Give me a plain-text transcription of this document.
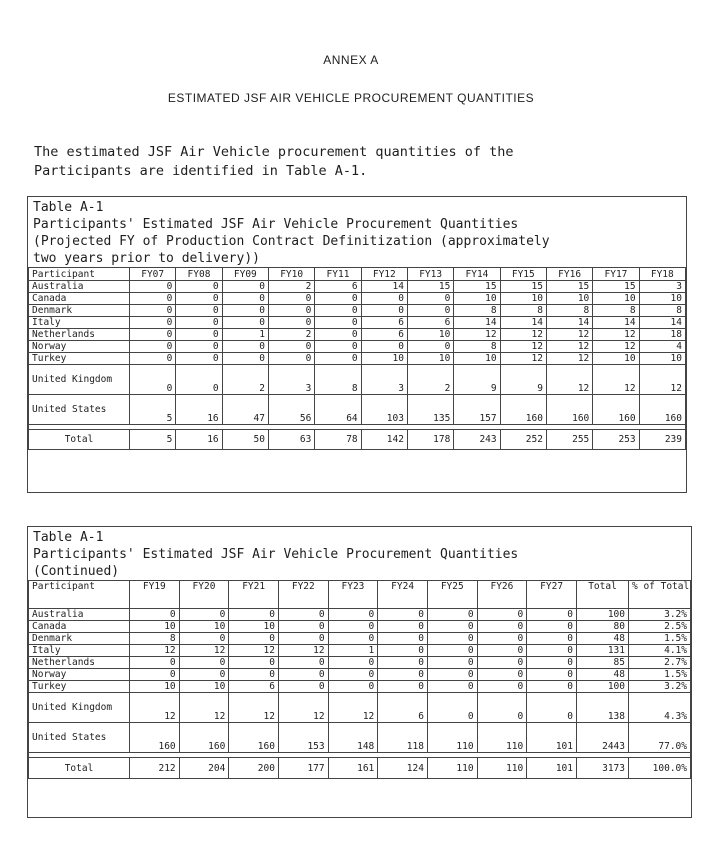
ANNEX A
ESTIMATED JSF AIR VEHICLE PROCUREMENT QUANTITIES
The estimated JSF Air Vehicle procurement quantities of the
Participants are identified in Table A-1.
Table A-1
Participants' Estimated JSF Air Vehicle Procurement Quantities
(Projected FY of Production Contract Definitization (approximately
two years prior to delivery))
Participant	FY07	FY08	FY09	FY10	FY11	FY12	FY13	FY14	FY15	FY16	FY17	FY18
Australia	0	0	0	2	6	14	15	15	15	15	15	3
Canada	0	0	0	0	0	0	0	10	10	10	10	10
Denmark	0	0	0	0	0	0	0	8	8	8	8	8
Italy	0	0	0	0	0	6	6	14	14	14	14	14
Netherlands	0	0	1	2	0	6	10	12	12	12	12	18
Norway	0	0	0	0	0	0	0	8	12	12	12	4
Turkey	0	0	0	0	0	10	10	10	12	12	10	10
United Kingdom	0	0	2	3	8	3	2	9	9	12	12	12
United States	5	16	47	56	64	103	135	157	160	160	160	160

Total	5	16	50	63	78	142	178	243	252	255	253	239
Table A-1
Participants' Estimated JSF Air Vehicle Procurement Quantities
(Continued)
Participant	FY19	FY20	FY21	FY22	FY23	FY24	FY25	FY26	FY27	Total	% of Total
Australia	0	0	0	0	0	0	0	0	0	100	3.2%
Canada	10	10	10	0	0	0	0	0	0	80	2.5%
Denmark	8	0	0	0	0	0	0	0	0	48	1.5%
Italy	12	12	12	12	1	0	0	0	0	131	4.1%
Netherlands	0	0	0	0	0	0	0	0	0	85	2.7%
Norway	0	0	0	0	0	0	0	0	0	48	1.5%
Turkey	10	10	6	0	0	0	0	0	0	100	3.2%
United Kingdom	12	12	12	12	12	6	0	0	0	138	4.3%
United States	160	160	160	153	148	118	110	110	101	2443	77.0%

Total	212	204	200	177	161	124	110	110	101	3173	100.0%
